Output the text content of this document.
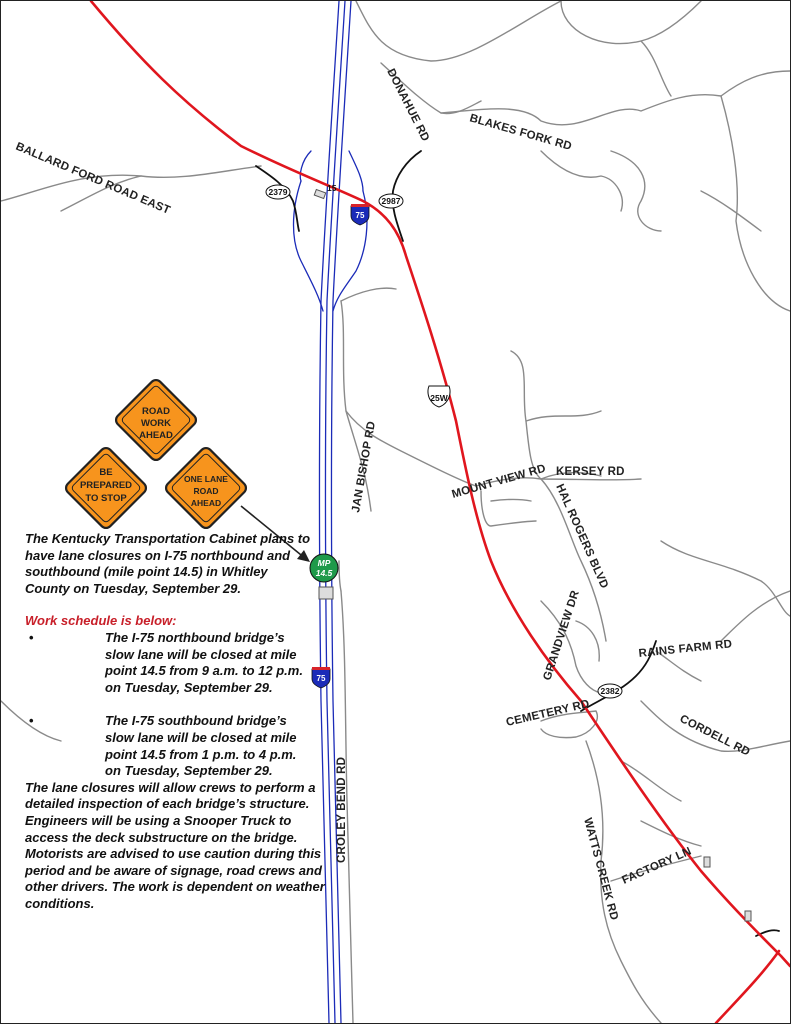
BALLARD FORD ROAD EAST
DONAHUE RD	BLAKES FORK RD
JAN BISHOP RD	MOUNT VIEW RD KERSEY RD
HAL ROGERS BLVD
GRANDVIEW DR	RAINS FARM RD
CEMETERY RD	CORDELL RD
CROLEY BEND RD
WATTS CREEK RD FACTORY LN
2379
2987
15
75
75
25W
2382
MP
14.5
ROAD
WORK
AHEAD
BE
PREPARED
TO STOP
ONE LANE
ROAD
AHEAD

The Kentucky Transportation Cabinet plans to have lane closures on I-75 northbound and southbound (mile point 14.5) in Whitley County on Tuesday, September 29.

Work schedule is below:

•	The I-75 northbound bridge’s slow lane will be closed at mile point 14.5 from 9 a.m. to 12 p.m. on Tuesday, September 29.
•	The I-75 southbound bridge’s slow lane will be closed at mile point 14.5 from 1 p.m. to 4 p.m. on Tuesday, September 29.

The lane closures will allow crews to perform a detailed inspection of each bridge’s structure. Engineers will be using a Snooper Truck to access the deck substructure on the bridge. Motorists are advised to use caution during this period and be aware of signage, road crews and other drivers. The work is dependent on weather conditions.
